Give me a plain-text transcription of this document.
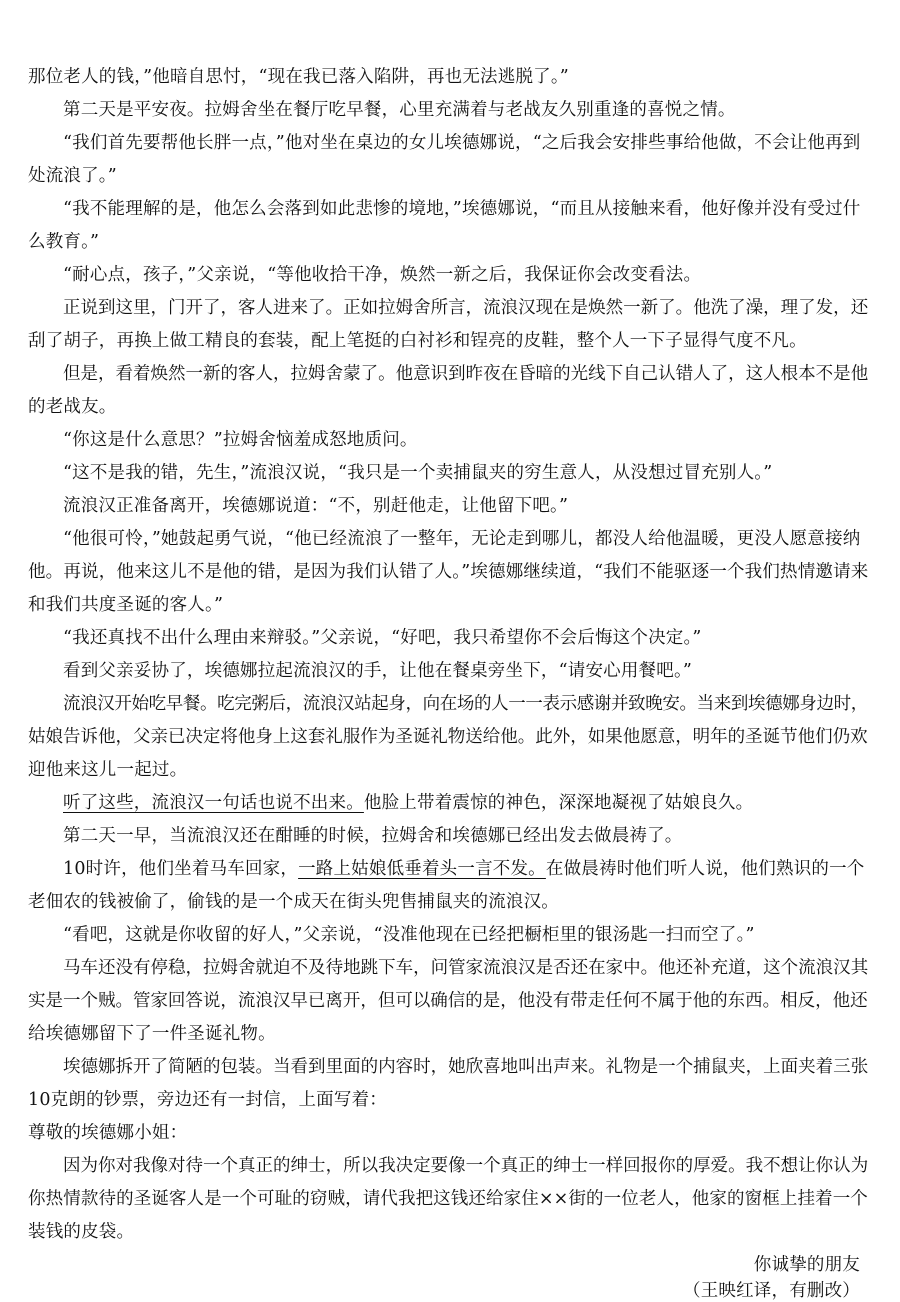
那位老人的钱，”他暗自思忖，“现在我已落入陷阱，再也无法逃脱了。”
第二天是平安夜。拉姆舍坐在餐厅吃早餐，心里充满着与老战友久别重逢的喜悦之情。
“我们首先要帮他长胖一点，”他对坐在桌边的女儿埃德娜说，“之后我会安排些事给他做，不会让他再到
处流浪了。”
“我不能理解的是，他怎么会落到如此悲惨的境地，”埃德娜说，“而且从接触来看，他好像并没有受过什
么教育。”
“耐心点，孩子，”父亲说，“等他收拾干净，焕然一新之后，我保证你会改变看法。
正说到这里，门开了，客人进来了。正如拉姆舍所言，流浪汉现在是焕然一新了。他洗了澡，理了发，还
刮了胡子，再换上做工精良的套装，配上笔挺的白衬衫和锃亮的皮鞋，整个人一下子显得气度不凡。
但是，看着焕然一新的客人，拉姆舍蒙了。他意识到昨夜在昏暗的光线下自己认错人了，这人根本不是他
的老战友。
“你这是什么意思？”拉姆舍恼羞成怒地质问。
“这不是我的错，先生，”流浪汉说，“我只是一个卖捕鼠夹的穷生意人，从没想过冒充别人。”
流浪汉正准备离开，埃德娜说道：“不，别赶他走，让他留下吧。”
“他很可怜，”她鼓起勇气说，“他已经流浪了一整年，无论走到哪儿，都没人给他温暖，更没人愿意接纳
他。再说，他来这儿不是他的错，是因为我们认错了人。”埃德娜继续道，“我们不能驱逐一个我们热情邀请来
和我们共度圣诞的客人。”
“我还真找不出什么理由来辩驳。”父亲说，“好吧，我只希望你不会后悔这个决定。”
看到父亲妥协了，埃德娜拉起流浪汉的手，让他在餐桌旁坐下，“请安心用餐吧。”
流浪汉开始吃早餐。吃完粥后，流浪汉站起身，向在场的人一一表示感谢并致晚安。当来到埃德娜身边时，
姑娘告诉他，父亲已决定将他身上这套礼服作为圣诞礼物送给他。此外，如果他愿意，明年的圣诞节他们仍欢
迎他来这儿一起过。
听了这些，流浪汉一句话也说不出来。他脸上带着震惊的神色，深深地凝视了姑娘良久。
第二天一早，当流浪汉还在酣睡的时候，拉姆舍和埃德娜已经出发去做晨祷了。
10时许，他们坐着马车回家，一路上姑娘低垂着头一言不发。在做晨祷时他们听人说，他们熟识的一个
老佃农的钱被偷了，偷钱的是一个成天在街头兜售捕鼠夹的流浪汉。
“看吧，这就是你收留的好人，”父亲说，“没准他现在已经把橱柜里的银汤匙一扫而空了。”
马车还没有停稳，拉姆舍就迫不及待地跳下车，问管家流浪汉是否还在家中。他还补充道，这个流浪汉其
实是一个贼。管家回答说，流浪汉早已离开，但可以确信的是，他没有带走任何不属于他的东西。相反，他还
给埃德娜留下了一件圣诞礼物。
埃德娜拆开了简陋的包装。当看到里面的内容时，她欣喜地叫出声来。礼物是一个捕鼠夹，上面夹着三张
10克朗的钞票，旁边还有一封信，上面写着：
尊敬的埃德娜小姐：
因为你对我像对待一个真正的绅士，所以我决定要像一个真正的绅士一样回报你的厚爱。我不想让你认为
你热情款待的圣诞客人是一个可耻的窃贼，请代我把这钱还给家住××街的一位老人，他家的窗框上挂着一个
装钱的皮袋。
你诚挚的朋友
（王映红译，有删改）
